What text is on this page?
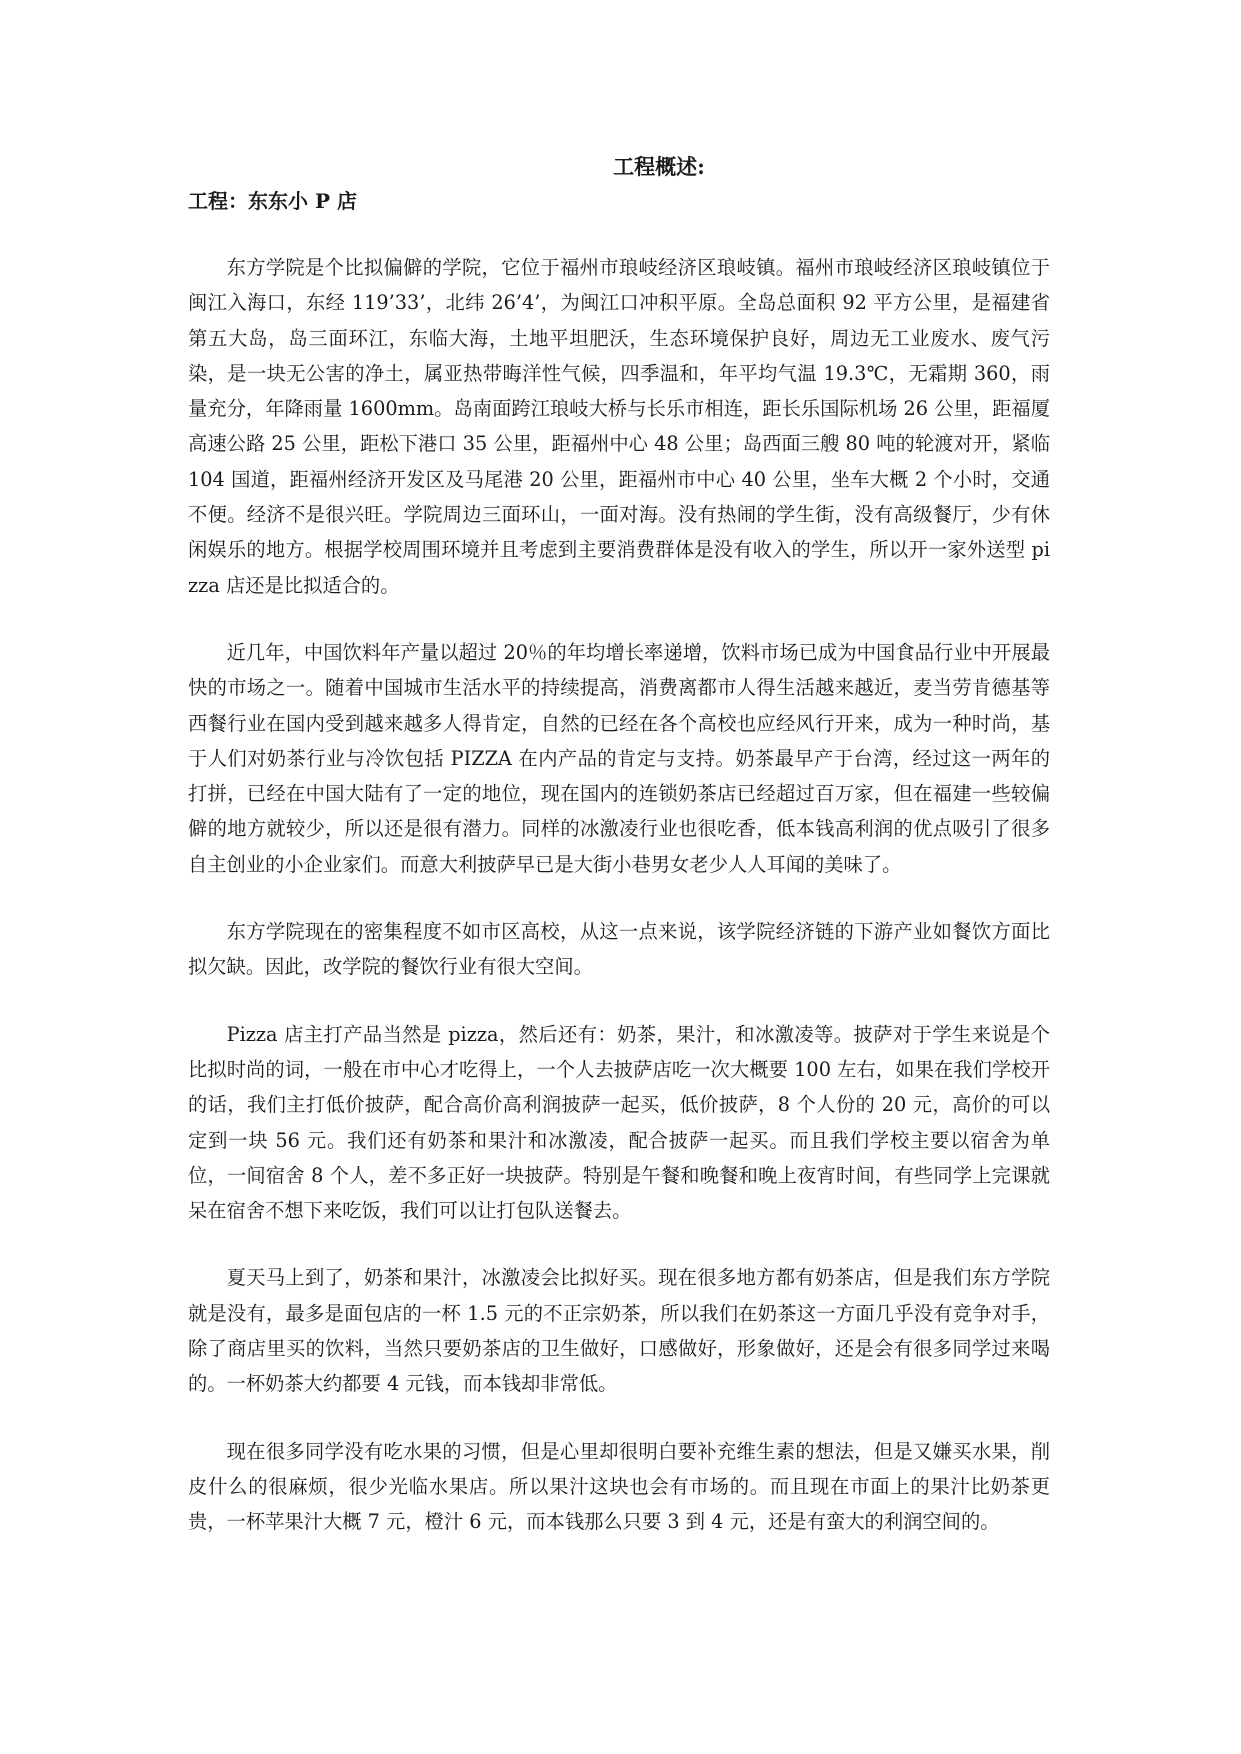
工程概述:
工程：东东小 P 店

东方学院是个比拟偏僻的学院，它位于福州市琅岐经济区琅岐镇。福州市琅岐经济区琅岐镇位于闽江入海口，东经 119’33’，北纬 26’4’，为闽江口冲积平原。全岛总面积 92 平方公里，是福建省第五大岛，岛三面环江，东临大海，土地平坦肥沃，生态环境保护良好，周边无工业废水、废气污染，是一块无公害的净土，属亚热带晦洋性气候，四季温和，年平均气温 19.3℃，无霜期 360，雨量充分，年降雨量 1600mm。岛南面跨江琅岐大桥与长乐市相连，距长乐国际机场 26 公里，距福厦高速公路 25 公里，距松下港口 35 公里，距福州中心 48 公里；岛西面三艘 80 吨的轮渡对开，紧临 104 国道，距福州经济开发区及马尾港 20 公里，距福州市中心 40 公里，坐车大概 2 个小时，交通不便。经济不是很兴旺。学院周边三面环山，一面对海。没有热闹的学生街，没有高级餐厅，少有休闲娱乐的地方。根据学校周围环境并且考虑到主要消费群体是没有收入的学生，所以开一家外送型 pizza 店还是比拟适合的。

近几年，中国饮料年产量以超过 20％的年均增长率递增，饮料市场已成为中国食品行业中开展最快的市场之一。随着中国城市生活水平的持续提高，消费离都市人得生活越来越近，麦当劳肯德基等西餐行业在国内受到越来越多人得肯定，自然的已经在各个高校也应经风行开来，成为一种时尚，基于人们对奶茶行业与冷饮包括 PIZZA 在内产品的肯定与支持。奶茶最早产于台湾，经过这一两年的打拼，已经在中国大陆有了一定的地位，现在国内的连锁奶茶店已经超过百万家，但在福建一些较偏僻的地方就较少，所以还是很有潜力。同样的冰激凌行业也很吃香，低本钱高利润的优点吸引了很多自主创业的小企业家们。而意大利披萨早已是大街小巷男女老少人人耳闻的美味了。

东方学院现在的密集程度不如市区高校，从这一点来说，该学院经济链的下游产业如餐饮方面比拟欠缺。因此，改学院的餐饮行业有很大空间。

Pizza 店主打产品当然是 pizza，然后还有：奶茶，果汁，和冰激凌等。披萨对于学生来说是个比拟时尚的词，一般在市中心才吃得上，一个人去披萨店吃一次大概要 100 左右，如果在我们学校开的话，我们主打低价披萨，配合高价高利润披萨一起买，低价披萨，8 个人份的 20 元，高价的可以定到一块 56 元。我们还有奶茶和果汁和冰激凌，配合披萨一起买。而且我们学校主要以宿舍为单位，一间宿舍 8 个人，差不多正好一块披萨。特别是午餐和晚餐和晚上夜宵时间，有些同学上完课就呆在宿舍不想下来吃饭，我们可以让打包队送餐去。

夏天马上到了，奶茶和果汁，冰激凌会比拟好买。现在很多地方都有奶茶店，但是我们东方学院就是没有，最多是面包店的一杯 1.5 元的不正宗奶茶，所以我们在奶茶这一方面几乎没有竞争对手，除了商店里买的饮料，当然只要奶茶店的卫生做好，口感做好，形象做好，还是会有很多同学过来喝的。一杯奶茶大约都要 4 元钱，而本钱却非常低。

现在很多同学没有吃水果的习惯，但是心里却很明白要补充维生素的想法，但是又嫌买水果，削皮什么的很麻烦，很少光临水果店。所以果汁这块也会有市场的。而且现在市面上的果汁比奶茶更贵，一杯苹果汁大概 7 元，橙汁 6 元，而本钱那么只要 3 到 4 元，还是有蛮大的利润空间的。
